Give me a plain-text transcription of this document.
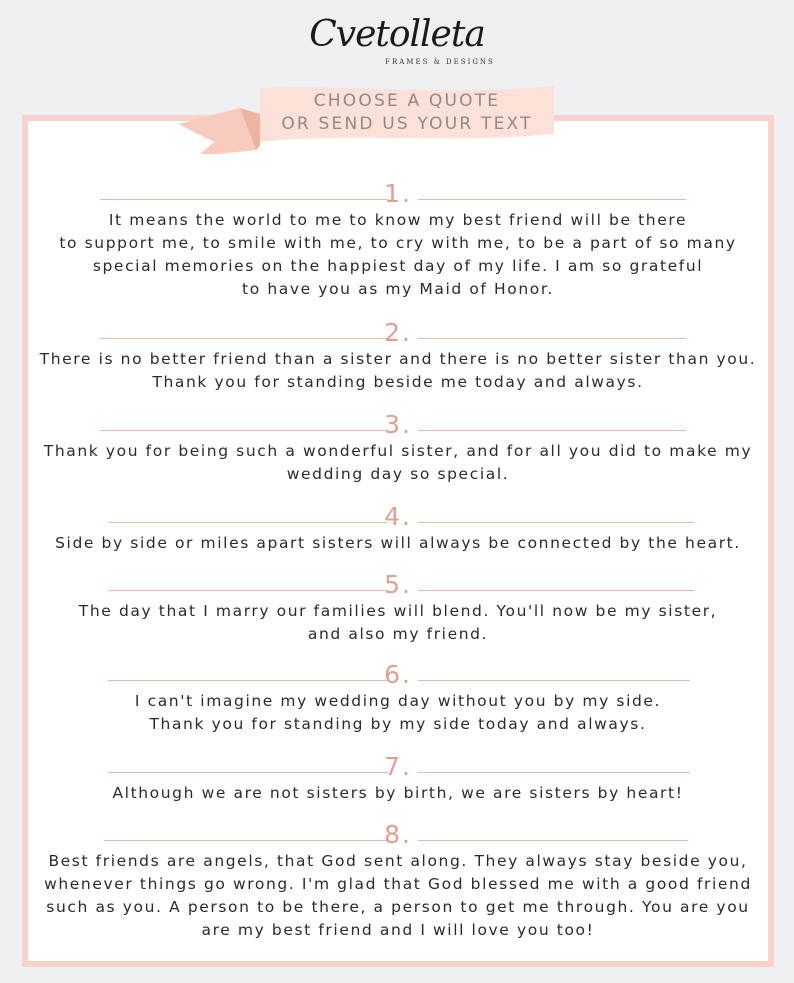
Cvetolleta
FRAMES & DESIGNS
CHOOSE A QUOTE
OR SEND US YOUR TEXT
1.
It means the world to me to know my best friend will be there
to support me, to smile with me, to cry with me, to be a part of so many
special memories on the happiest day of my life. I am so grateful
to have you as my Maid of Honor.
2.
There is no better friend than a sister and there is no better sister than you.
Thank you for standing beside me today and always.
3.
Thank you for being such a wonderful sister, and for all you did to make my
wedding day so special.
4.
Side by side or miles apart sisters will always be connected by the heart.
5.
The day that I marry our families will blend. You'll now be my sister,
and also my friend.
6.
I can't imagine my wedding day without you by my side.
Thank you for standing by my side today and always.
7.
Although we are not sisters by birth, we are sisters by heart!
8.
Best friends are angels, that God sent along. They always stay beside you,
whenever things go wrong. I'm glad that God blessed me with a good friend
such as you. A person to be there, a person to get me through. You are you
are my best friend and I will love you too!
